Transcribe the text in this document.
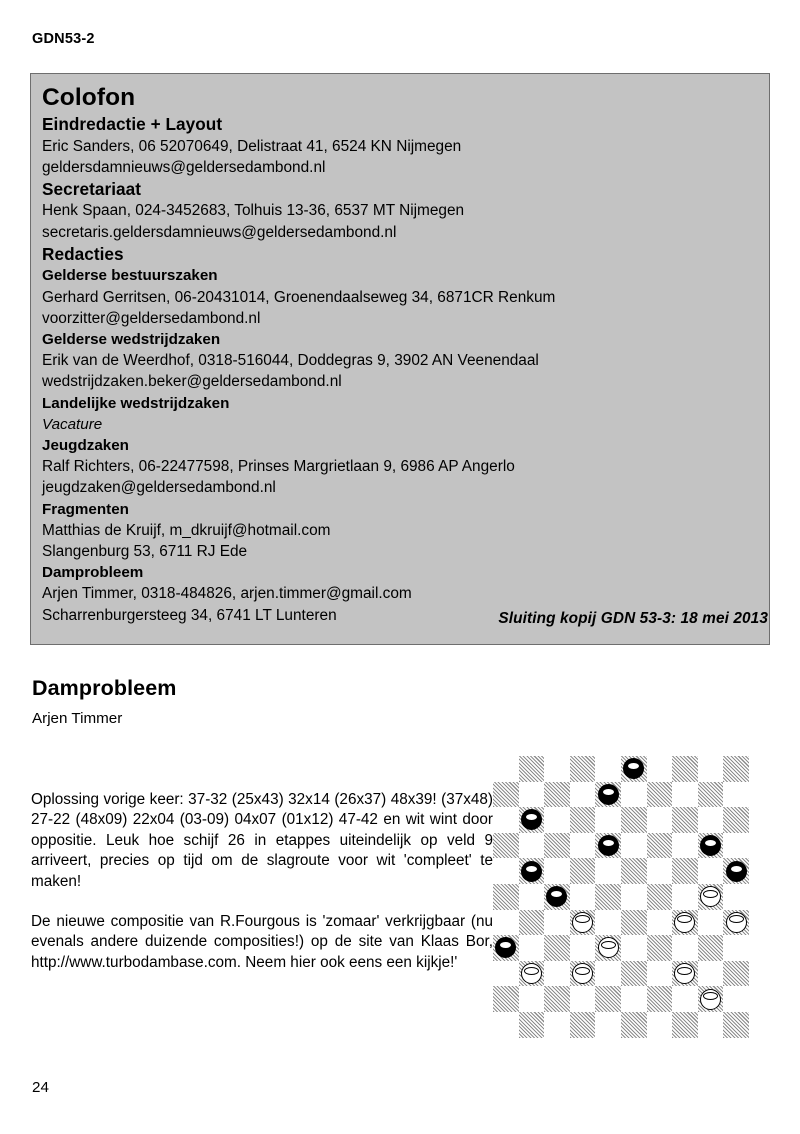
GDN53-2
Colofon
Eindredactie + Layout
Eric Sanders, 06 52070649, Delistraat 41, 6524 KN Nijmegen
geldersdamnieuws@geldersedambond.nl
Secretariaat
Henk Spaan, 024-3452683, Tolhuis 13-36, 6537 MT Nijmegen
secretaris.geldersdamnieuws@geldersedambond.nl
Redacties
Gelderse bestuurszaken
Gerhard Gerritsen, 06-20431014, Groenendaalseweg 34, 6871CR Renkum
voorzitter@geldersedambond.nl
Gelderse wedstrijdzaken
Erik van de Weerdhof, 0318-516044, Doddegras 9, 3902 AN Veenendaal
wedstrijdzaken.beker@geldersedambond.nl
Landelijke wedstrijdzaken
Vacature
Jeugdzaken
Ralf Richters, 06-22477598, Prinses Margrietlaan 9, 6986 AP Angerlo
jeugdzaken@geldersedambond.nl
Fragmenten
Matthias de Kruijf, m_dkruijf@hotmail.com
Slangenburg 53, 6711 RJ Ede
Damprobleem
Arjen Timmer, 0318-484826, arjen.timmer@gmail.com
Scharrenburgersteeg 34, 6741 LT Lunteren	Sluiting kopij GDN 53-3: 18 mei 2013
Damprobleem
Arjen Timmer

Oplossing vorige keer: 37-32 (25x43) 32x14 (26x37) 48x39! (37x48) 27-22 (48x09) 22x04 (03-09) 04x07 (01x12) 47-42 en wit wint door oppositie. Leuk hoe schijf 26 in etappes uiteindelijk op veld 9 arriveert, precies op tijd om de slagroute voor wit 'compleet' te maken!

De nieuwe compositie van R.Fourgous is 'zomaar' verkrijgbaar (nu evenals andere duizende composities!) op de site van Klaas Bor, http://www.turbodambase.com. Neem hier ook eens een kijkje!'

24
